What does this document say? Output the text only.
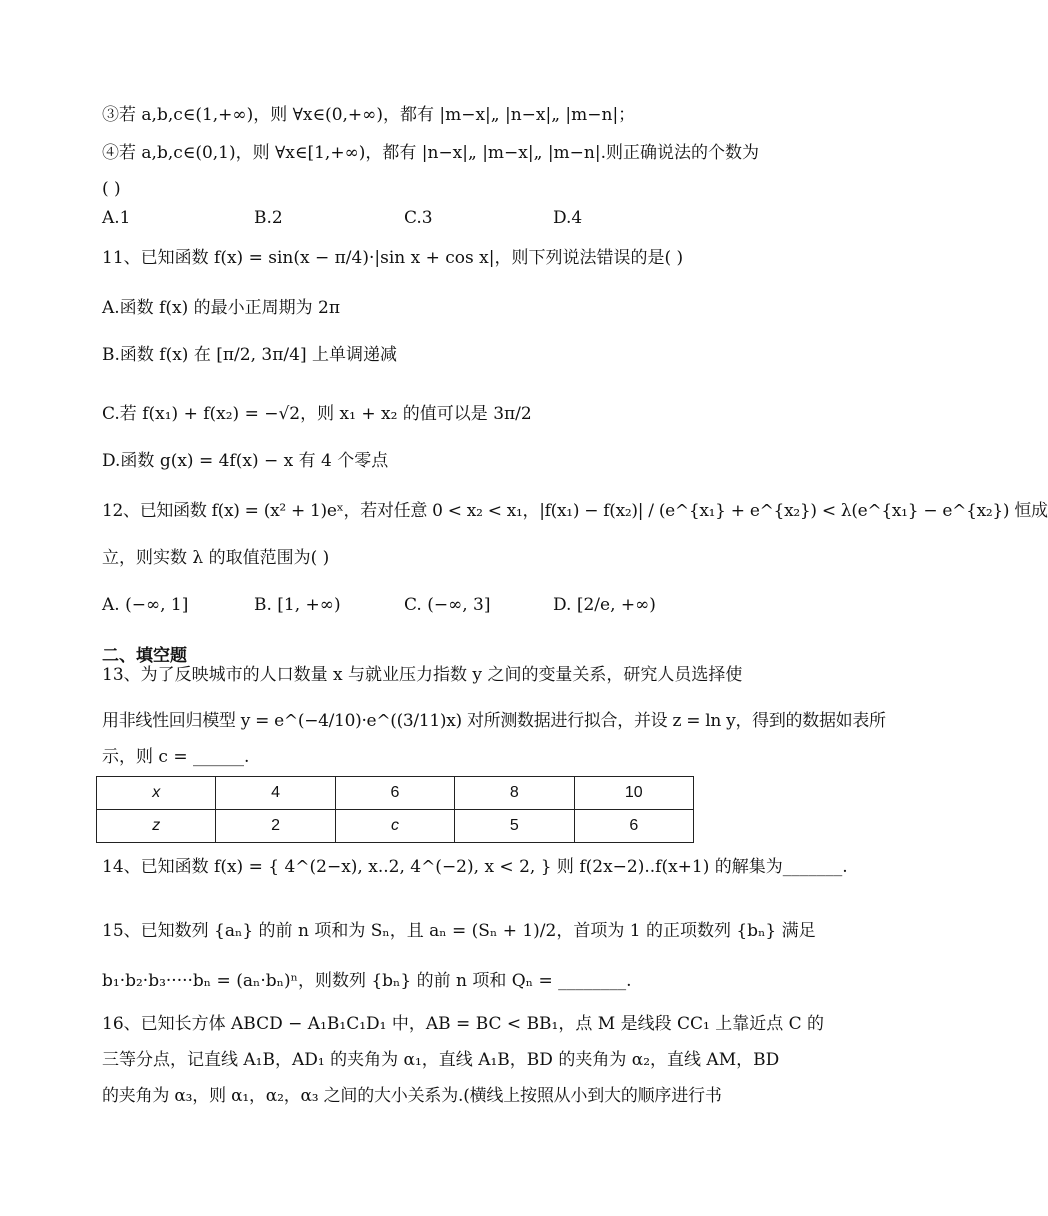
③若 a,b,c∈(1,+∞)，则 ∀x∈(0,+∞)，都有 |m−x|„ |n−x|„ |m−n|；
④若 a,b,c∈(0,1)，则 ∀x∈[1,+∞)，都有 |n−x|„ |m−x|„ |m−n|.则正确说法的个数为
( )
A.1	B.2	C.3	D.4
11、已知函数 f(x) = sin(x − π/4)·|sin x + cos x|，则下列说法错误的是( )
A.函数 f(x) 的最小正周期为 2π
B.函数 f(x) 在 [π/2, 3π/4] 上单调递减
C.若 f(x₁) + f(x₂) = −√2，则 x₁ + x₂ 的值可以是 3π/2
D.函数 g(x) = 4f(x) − x 有 4 个零点
12、已知函数 f(x) = (x² + 1)eˣ，若对任意 0 < x₂ < x₁，|f(x₁) − f(x₂)| / (e^{x₁} + e^{x₂}) < λ(e^{x₁} − e^{x₂}) 恒成
立，则实数 λ 的取值范围为( )
A. (−∞, 1]	B. [1, +∞)	C. (−∞, 3]	D. [2/e, +∞)
二、填空题
13、为了反映城市的人口数量 x 与就业压力指数 y 之间的变量关系，研究人员选择使
用非线性回归模型 y = e^(−4/10)·e^((3/11)x) 对所测数据进行拟合，并设 z = ln y，得到的数据如表所
示，则 c = ______.
x	4	6	8	10
z	2	c	5	6
14、已知函数 f(x) = { 4^(2−x), x..2, 4^(−2), x < 2, } 则 f(2x−2)..f(x+1) 的解集为_______.
15、已知数列 {aₙ} 的前 n 项和为 Sₙ，且 aₙ = (Sₙ + 1)/2，首项为 1 的正项数列 {bₙ} 满足
b₁·b₂·b₃·····bₙ = (aₙ·bₙ)ⁿ，则数列 {bₙ} 的前 n 项和 Qₙ = ________.
16、已知长方体 ABCD − A₁B₁C₁D₁ 中，AB = BC < BB₁，点 M 是线段 CC₁ 上靠近点 C 的
三等分点，记直线 A₁B，AD₁ 的夹角为 α₁，直线 A₁B，BD 的夹角为 α₂，直线 AM，BD
的夹角为 α₃，则 α₁，α₂，α₃ 之间的大小关系为.(横线上按照从小到大的顺序进行书
